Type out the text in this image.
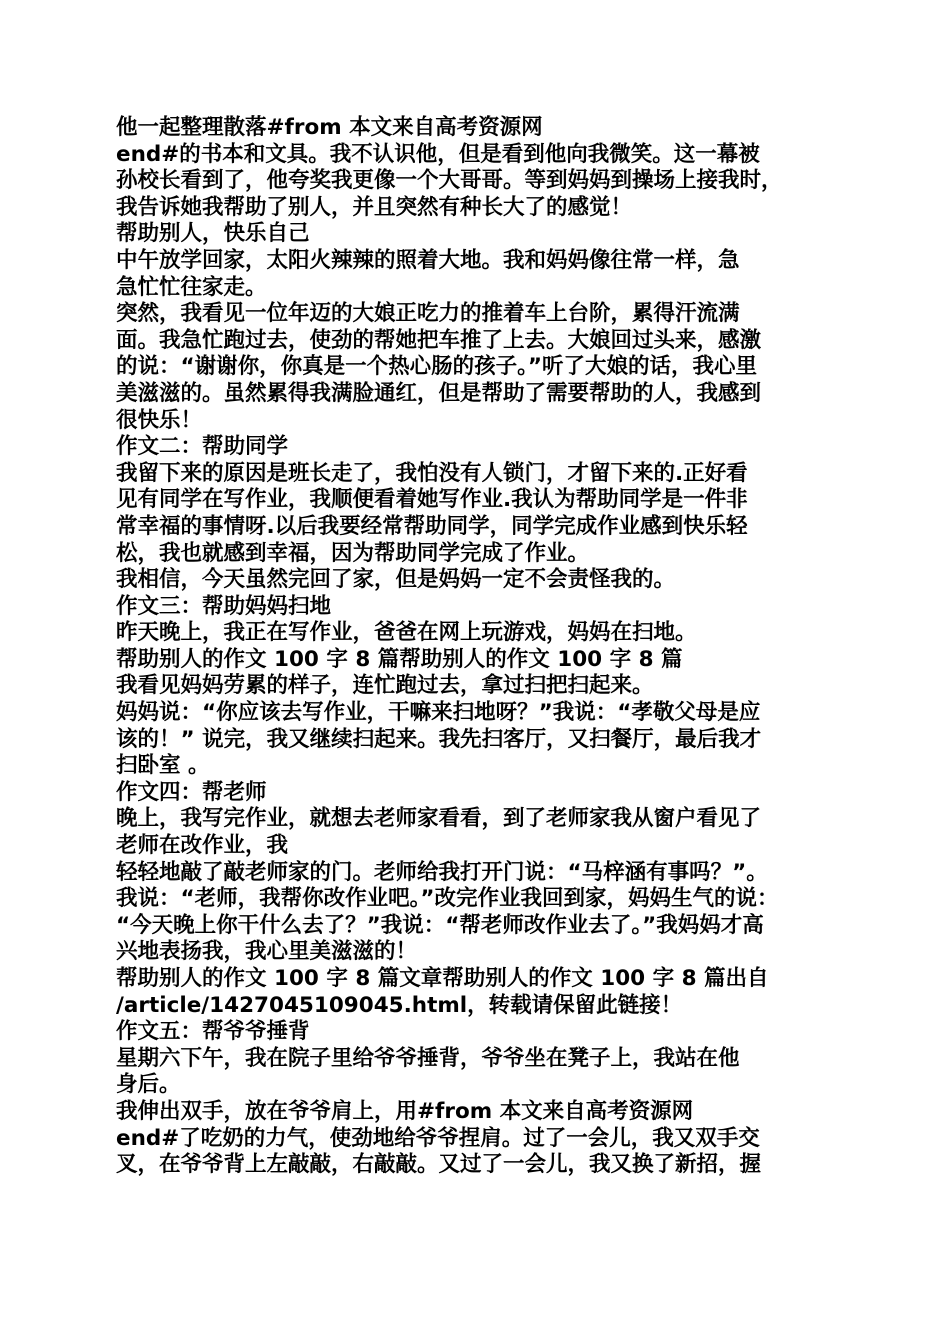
他一起整理散落#from 本文来自高考资源网
end#的书本和文具。我不认识他，但是看到他向我微笑。这一幕被
孙校长看到了，他夸奖我更像一个大哥哥。等到妈妈到操场上接我时，
我告诉她我帮助了别人，并且突然有种长大了的感觉！
帮助别人，快乐自己
中午放学回家，太阳火辣辣的照着大地。我和妈妈像往常一样，急
急忙忙往家走。
突然，我看见一位年迈的大娘正吃力的推着车上台阶，累得汗流满
面。我急忙跑过去，使劲的帮她把车推了上去。大娘回过头来，感激
的说：“谢谢你，你真是一个热心肠的孩子。”听了大娘的话，我心里
美滋滋的。虽然累得我满脸通红，但是帮助了需要帮助的人，我感到
很快乐！
作文二：帮助同学
我留下来的原因是班长走了，我怕没有人锁门，才留下来的.正好看
见有同学在写作业，我顺便看着她写作业.我认为帮助同学是一件非
常幸福的事情呀.以后我要经常帮助同学，同学完成作业感到快乐轻
松，我也就感到幸福，因为帮助同学完成了作业。
我相信，今天虽然完回了家，但是妈妈一定不会责怪我的。
作文三：帮助妈妈扫地
昨天晚上，我正在写作业，爸爸在网上玩游戏，妈妈在扫地。
帮助别人的作文 100 字 8 篇帮助别人的作文 100 字 8 篇
我看见妈妈劳累的样子，连忙跑过去，拿过扫把扫起来。
妈妈说：“你应该去写作业，干嘛来扫地呀？”我说：“孝敬父母是应
该的！” 说完，我又继续扫起来。我先扫客厅，又扫餐厅，最后我才
扫卧室 。
作文四：帮老师
晚上，我写完作业，就想去老师家看看，到了老师家我从窗户看见了
老师在改作业，我
轻轻地敲了敲老师家的门。老师给我打开门说：“马梓涵有事吗？”。
我说：“老师，我帮你改作业吧。”改完作业我回到家，妈妈生气的说：
“今天晚上你干什么去了？”我说：“帮老师改作业去了。”我妈妈才高
兴地表扬我，我心里美滋滋的！
帮助别人的作文 100 字 8 篇文章帮助别人的作文 100 字 8 篇出自
/article/1427045109045.html，转载请保留此链接！
作文五：帮爷爷捶背
星期六下午，我在院子里给爷爷捶背，爷爷坐在凳子上，我站在他
身后。
我伸出双手，放在爷爷肩上，用#from 本文来自高考资源网
end#了吃奶的力气，使劲地给爷爷捏肩。过了一会儿，我又双手交
叉，在爷爷背上左敲敲，右敲敲。又过了一会儿，我又换了新招，握
